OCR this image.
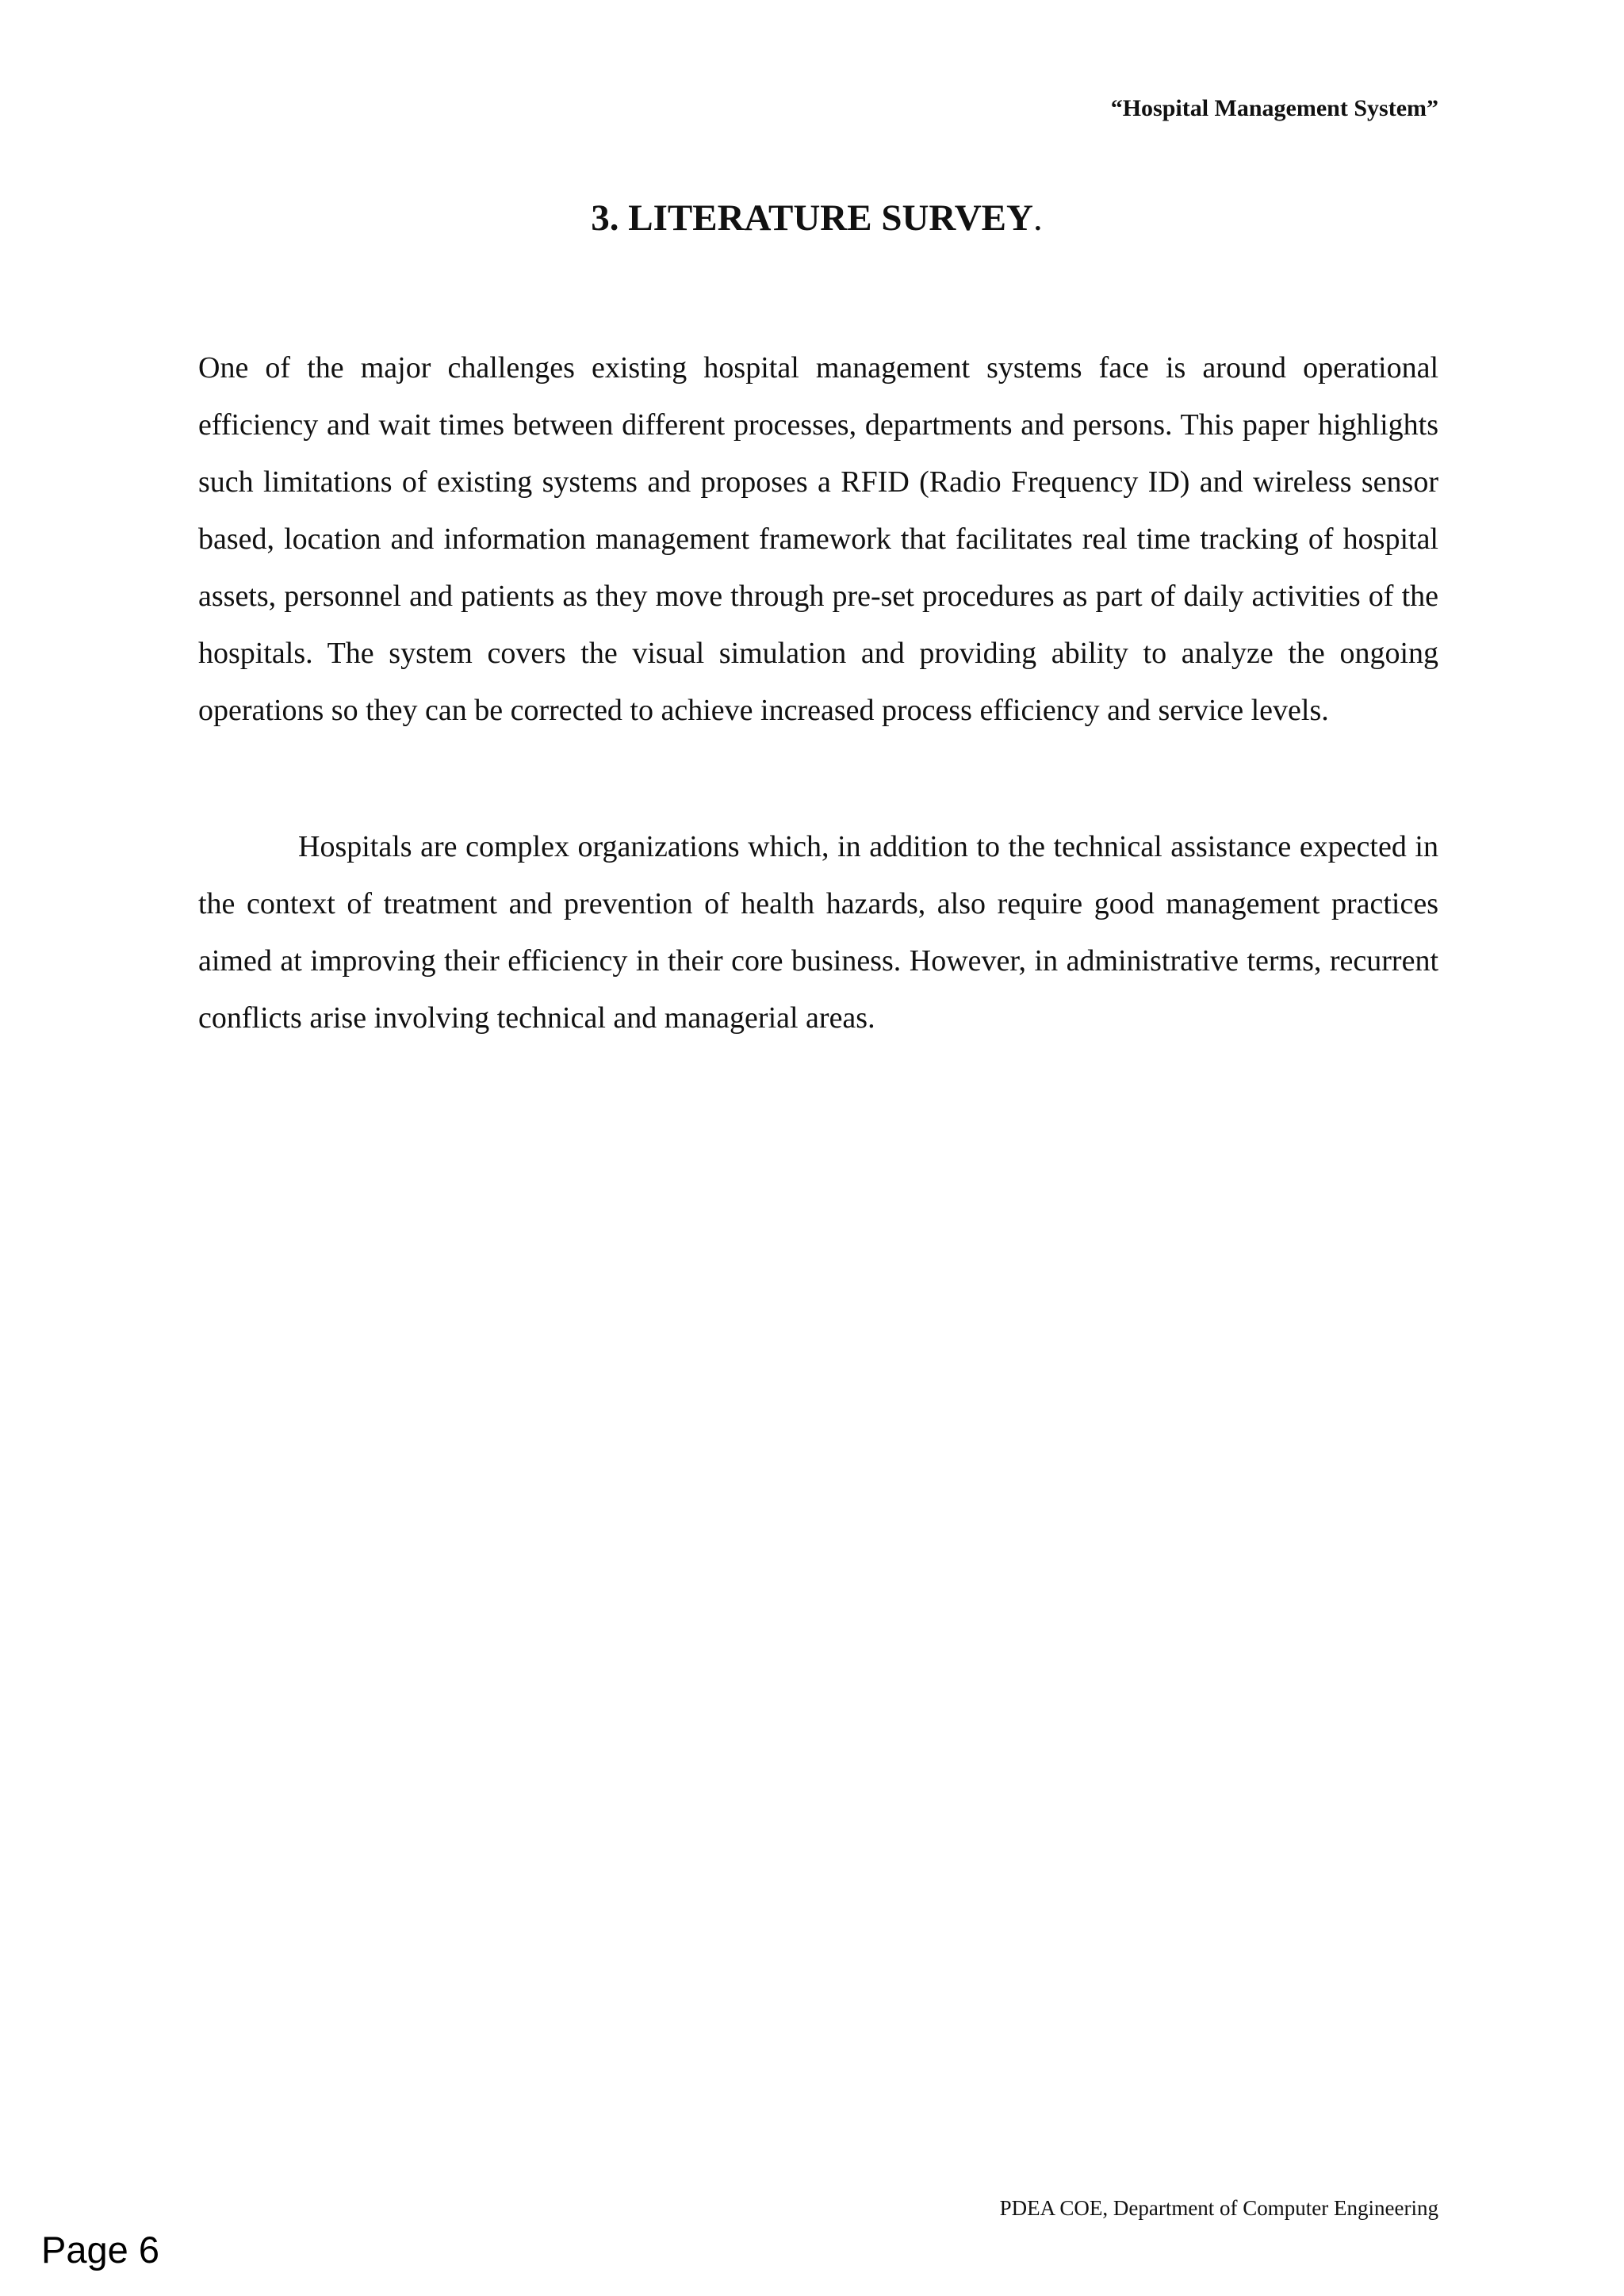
“Hospital Management System”
3. LITERATURE SURVEY.

One of the major challenges existing hospital management systems face is around operational efficiency and wait times between different processes, departments and persons. This paper highlights such limitations of existing systems and proposes a RFID (Radio Frequency ID) and wireless sensor based, location and information management framework that facilitates real time tracking of hospital assets, personnel and patients as they move through pre-set procedures as part of daily activities of the hospitals. The system covers the visual simulation and providing ability to analyze the ongoing operations so they can be corrected to achieve increased process efficiency and service levels.

Hospitals are complex organizations which, in addition to the technical assistance expected in the context of treatment and prevention of health hazards, also require good management practices aimed at improving their efficiency in their core business. However, in administrative terms, recurrent conflicts arise involving technical and managerial areas.

PDEA COE, Department of Computer Engineering
Page 6
